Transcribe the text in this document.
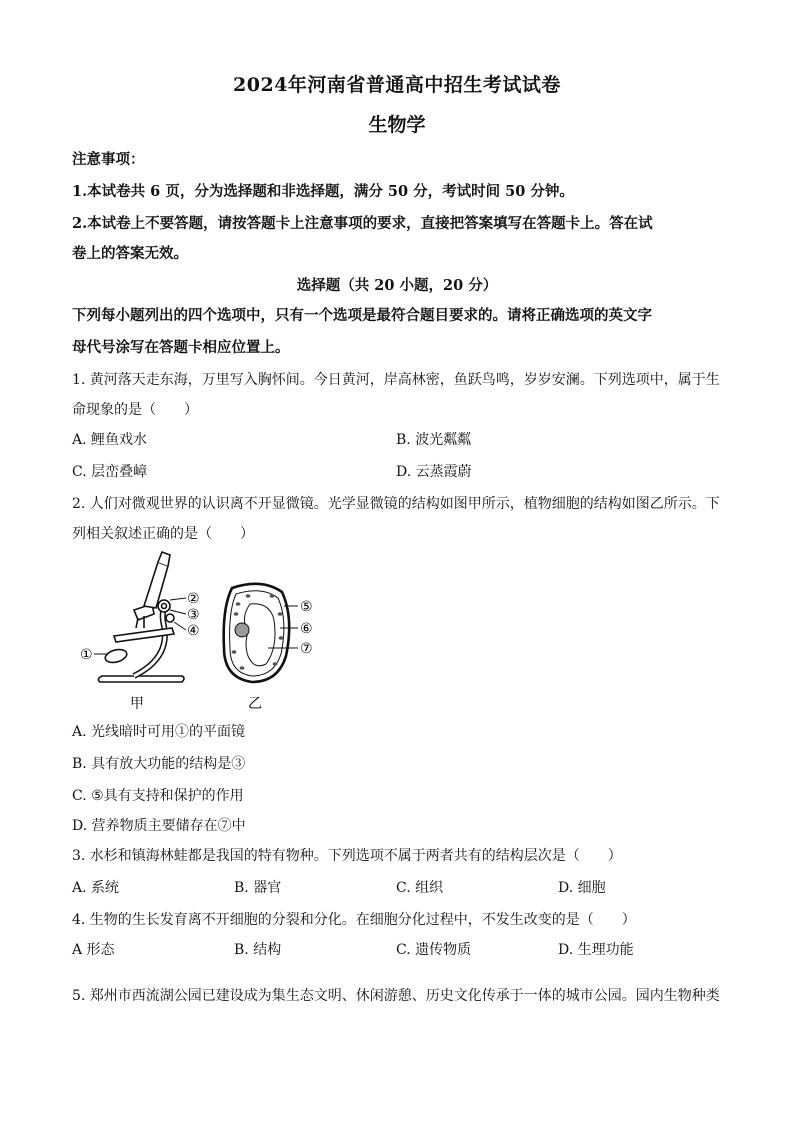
2024年河南省普通高中招生考试试卷
生物学
注意事项：
1.本试卷共 6 页，分为选择题和非选择题，满分 50 分，考试时间 50 分钟。
2.本试卷上不要答题，请按答题卡上注意事项的要求，直接把答案填写在答题卡上。答在试
卷上的答案无效。
选择题（共 20 小题，20 分）
下列每小题列出的四个选项中，只有一个选项是最符合题目要求的。请将正确选项的英文字
母代号涂写在答题卡相应位置上。
1. 黄河落天走东海，万里写入胸怀间。今日黄河，岸高林密，鱼跃鸟鸣，岁岁安澜。下列选项中，属于生
命现象的是（　　）
A. 鲤鱼戏水	B. 波光粼粼
C. 层峦叠嶂	D. 云蒸霞蔚
2. 人们对微观世界的认识离不开显微镜。光学显微镜的结构如图甲所示，植物细胞的结构如图乙所示。下
列相关叙述正确的是（　　）
①
②
③
④
⑤
⑥
⑦
甲	乙
A. 光线暗时可用①的平面镜
B. 具有放大功能的结构是③
C. ⑤具有支持和保护的作用
D. 营养物质主要储存在⑦中
3. 水杉和镇海林蛙都是我国的特有物种。下列选项不属于两者共有的结构层次是（　　）
A. 系统	B. 器官	C. 组织	D. 细胞
4. 生物的生长发育离不开细胞的分裂和分化。在细胞分化过程中，不发生改变的是（　　）
A 形态	B. 结构	C. 遗传物质	D. 生理功能
5. 郑州市西流湖公园已建设成为集生态文明、休闲游憩、历史文化传承于一体的城市公园。园内生物种类
